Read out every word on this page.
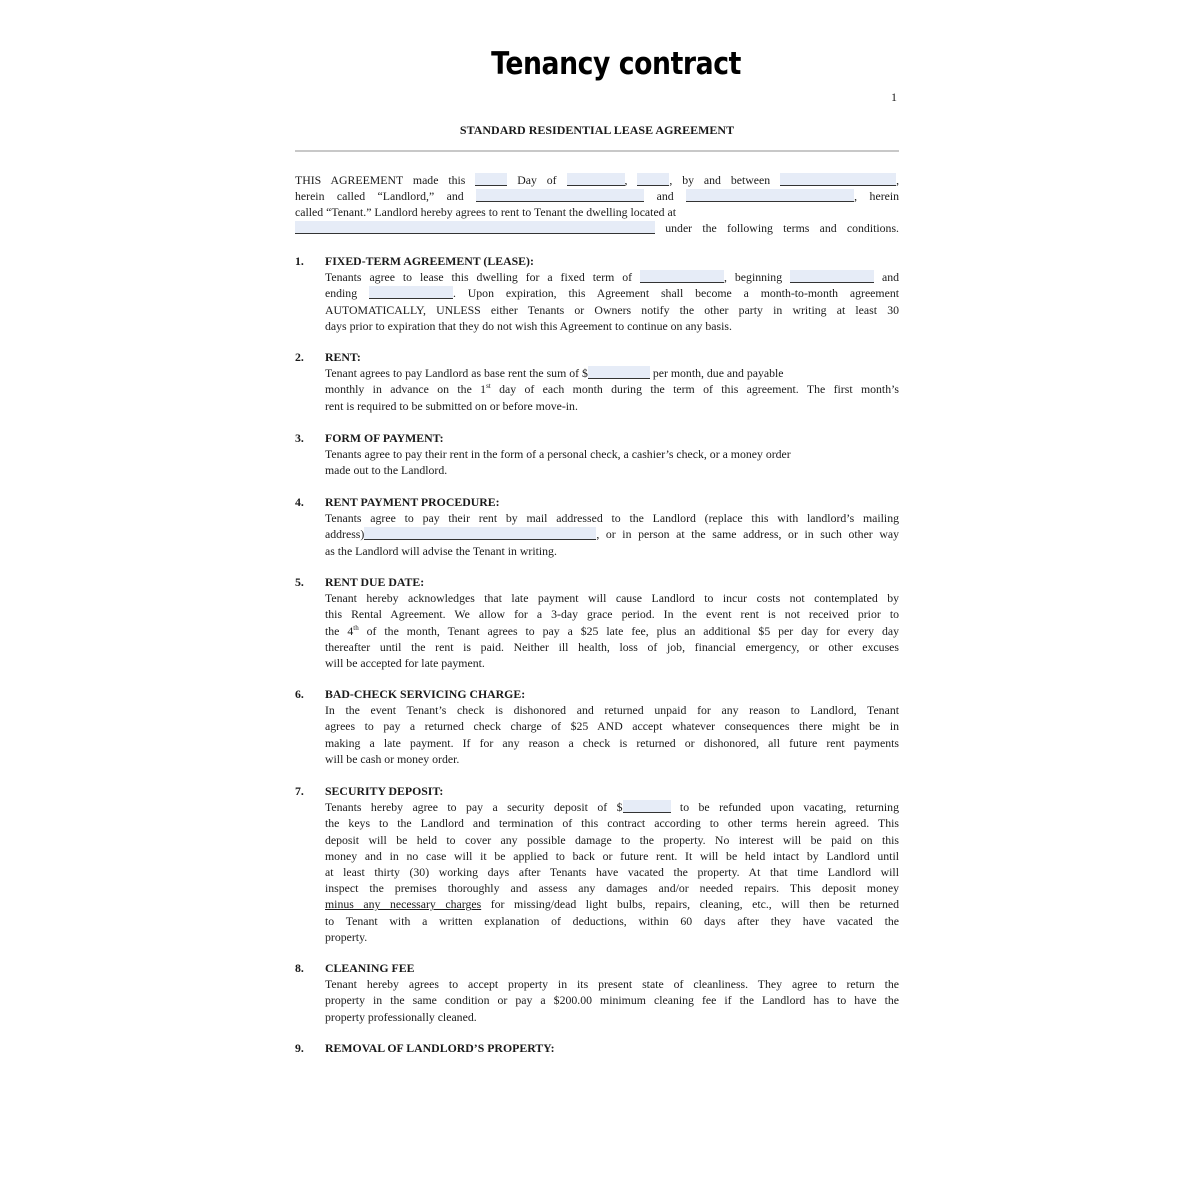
Tenancy contract
1
STANDARD RESIDENTIAL LEASE AGREEMENT
THIS AGREEMENT made this	Day of	,	, by and between	,
herein called “Landlord,” and	and	, herein
called “Tenant.” Landlord hereby agrees to rent to Tenant the dwelling located at
under the following terms and conditions.
1.	FIXED-TERM AGREEMENT (LEASE):
Tenants agree to lease this dwelling for a fixed term of	, beginning	and
ending	. Upon expiration, this Agreement shall become a month-to-month agreement
AUTOMATICALLY, UNLESS either Tenants or Owners notify the other party in writing at least 30
days prior to expiration that they do not wish this Agreement to continue on any basis.
2.	RENT:
Tenant agrees to pay Landlord as base rent the sum of $	per month, due and payable
monthly in advance on the 1st day of each month during the term of this agreement. The first month’s
rent is required to be submitted on or before move-in.
3.	FORM OF PAYMENT:
Tenants agree to pay their rent in the form of a personal check, a cashier’s check, or a money order
made out to the Landlord.
4.	RENT PAYMENT PROCEDURE:
Tenants agree to pay their rent by mail addressed to the Landlord (replace this with landlord’s mailing
address)	, or in person at the same address, or in such other way
as the Landlord will advise the Tenant in writing.
5.	RENT DUE DATE:
Tenant hereby acknowledges that late payment will cause Landlord to incur costs not contemplated by
this Rental Agreement. We allow for a 3-day grace period. In the event rent is not received prior to
the 4th of the month, Tenant agrees to pay a $25 late fee, plus an additional $5 per day for every day
thereafter until the rent is paid. Neither ill health, loss of job, financial emergency, or other excuses
will be accepted for late payment.
6.	BAD-CHECK SERVICING CHARGE:
In the event Tenant’s check is dishonored and returned unpaid for any reason to Landlord, Tenant
agrees to pay a returned check charge of $25 AND accept whatever consequences there might be in
making a late payment. If for any reason a check is returned or dishonored, all future rent payments
will be cash or money order.
7.	SECURITY DEPOSIT:
Tenants hereby agree to pay a security deposit of $	to be refunded upon vacating, returning
the keys to the Landlord and termination of this contract according to other terms herein agreed. This
deposit will be held to cover any possible damage to the property. No interest will be paid on this
money and in no case will it be applied to back or future rent. It will be held intact by Landlord until
at least thirty (30) working days after Tenants have vacated the property. At that time Landlord will
inspect the premises thoroughly and assess any damages and/or needed repairs. This deposit money
minus any necessary charges for missing/dead light bulbs, repairs, cleaning, etc., will then be returned
to Tenant with a written explanation of deductions, within 60 days after they have vacated the
property.
8.	CLEANING FEE
Tenant hereby agrees to accept property in its present state of cleanliness. They agree to return the
property in the same condition or pay a $200.00 minimum cleaning fee if the Landlord has to have the
property professionally cleaned.
9.	REMOVAL OF LANDLORD’S PROPERTY:
